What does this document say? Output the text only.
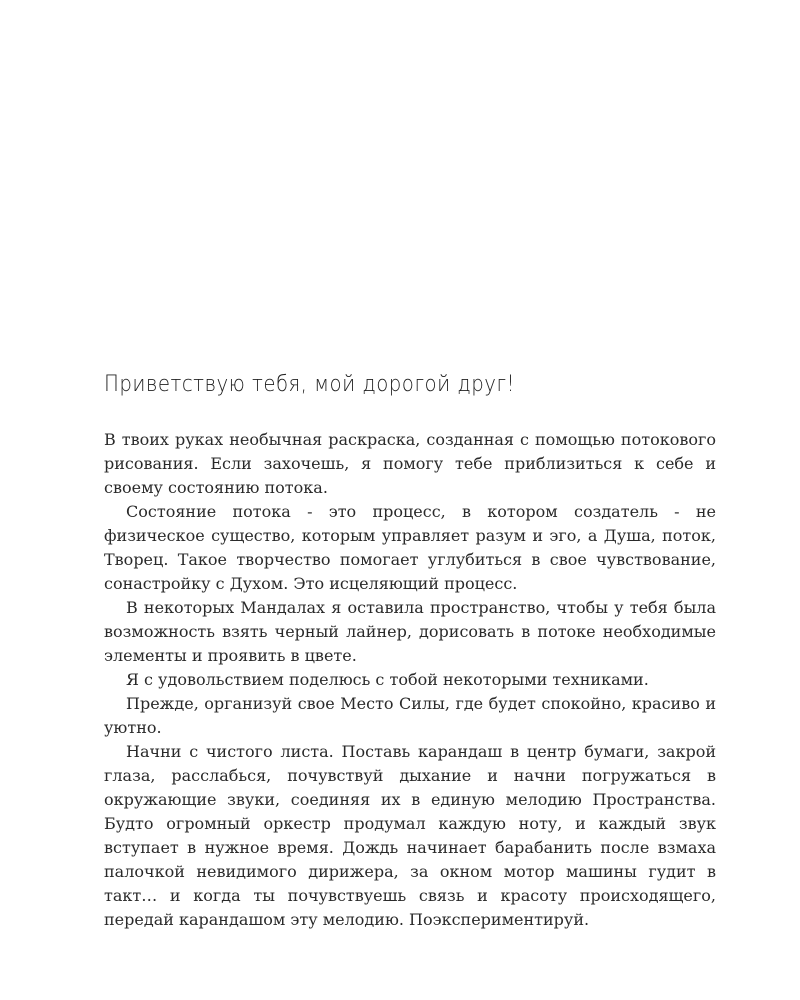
Приветствую тебя, мой дорогой друг!

В твоих руках необычная раскраска, созданная с помощью потокового рисования. Если захочешь, я помогу тебе приблизиться к себе и своему состоянию потока.

Состояние потока - это процесс, в котором создатель - не физическое существо, которым управляет разум и эго, а Душа, поток, Творец. Такое творчество помогает углубиться в свое чувствование, сонастройку с Духом. Это исцеляющий процесс.

В некоторых Мандалах я оставила пространство, чтобы у тебя была возможность взять черный лайнер, дорисовать в потоке необходимые элементы и проявить в цвете.

Я с удовольствием поделюсь с тобой некоторыми техниками.

Прежде, организуй свое Место Силы, где будет спокойно, красиво и уютно.

Начни с чистого листа. Поставь карандаш в центр бумаги, закрой глаза, расслабься, почувствуй дыхание и начни погружаться в окружающие звуки, соединяя их в единую мелодию Пространства. Будто огромный оркестр продумал каждую ноту, и каждый звук вступает в нужное время. Дождь начинает барабанить после взмаха палочкой невидимого дирижера, за окном мотор машины гудит в такт… и когда ты почувствуешь связь и красоту происходящего, передай карандашом эту мелодию. Поэкспериментируй.
